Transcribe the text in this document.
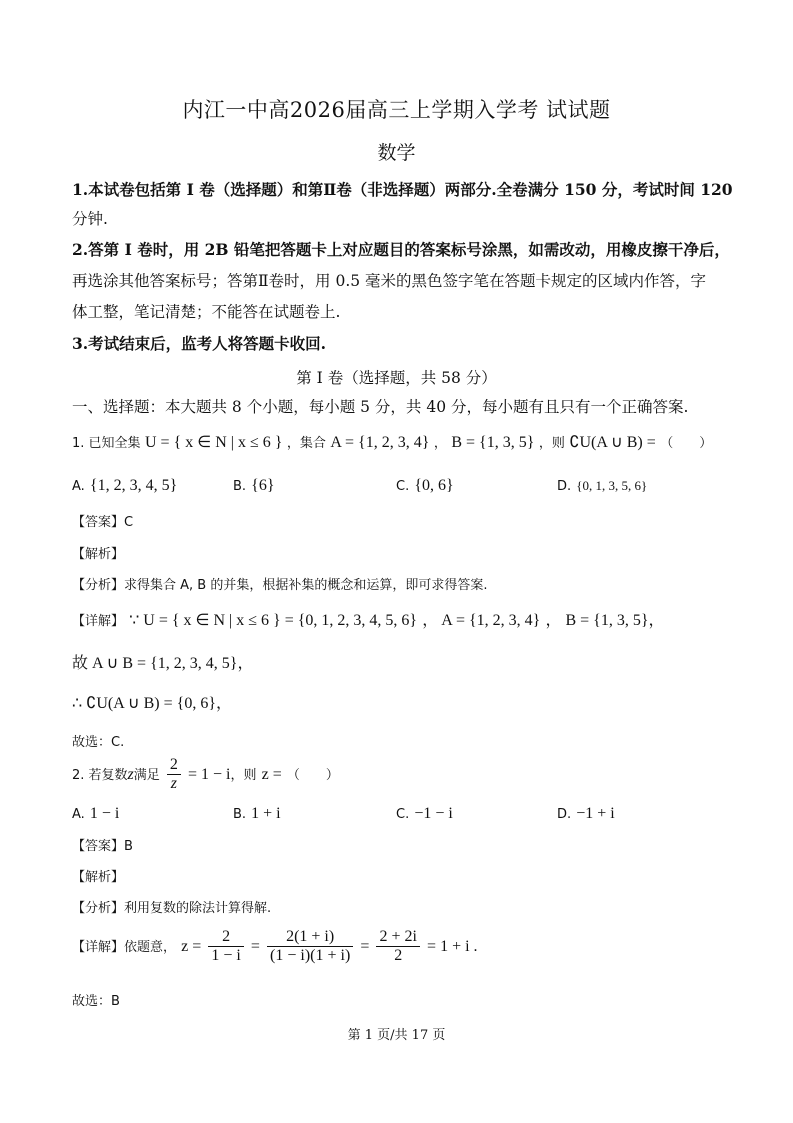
内江一中高2026届高三上学期入学考 试试题
数学
1.本试卷包括第 I 卷（选择题）和第Ⅱ卷（非选择题）两部分.全卷满分 150 分，考试时间 120
分钟.
2.答第 I 卷时，用 2B 铅笔把答题卡上对应题目的答案标号涂黑，如需改动，用橡皮擦干净后，
再选涂其他答案标号；答第Ⅱ卷时，用 0.5 毫米的黑色签字笔在答题卡规定的区域内作答，字
体工整，笔记清楚；不能答在试题卷上.
3.考试结束后，监考人将答题卡收回.
第 I 卷（选择题，共 58 分）
一、选择题：本大题共 8 个小题，每小题 5 分，共 40 分，每小题有且只有一个正确答案.
1. 已知全集 U = { x ∈ N | x ≤ 6 } ，集合 A = {1, 2, 3, 4} ， B = {1, 3, 5} ，则 ∁U(A ∪ B) = （　　）
A. {1, 2, 3, 4, 5}	B. {6}	C. {0, 6}	D. {0, 1, 3, 5, 6}
【答案】C
【解析】
【分析】求得集合 A, B 的并集，根据补集的概念和运算，即可求得答案.
【详解】 ∵ U = { x ∈ N | x ≤ 6 } = {0, 1, 2, 3, 4, 5, 6} ， A = {1, 2, 3, 4} ， B = {1, 3, 5}，
故 A ∪ B = {1, 2, 3, 4, 5}，
∴ ∁U(A ∪ B) = {0, 6}，
故选：C.
2. 若复数z满足 $\frac{2}{z} = 1 - i$，则 z = （　　）
A. 1 − i	B. 1 + i	C. −1 − i	D. −1 + i
【答案】B
【解析】
【分析】利用复数的除法计算得解.
【详解】依题意， $z = \frac{2}{1 - i} = \frac{2(1 + i)}{(1 - i)(1 + i)} = \frac{2 + 2i}{2} = 1 + i$ .
故选：B
第 1 页/共 17 页
